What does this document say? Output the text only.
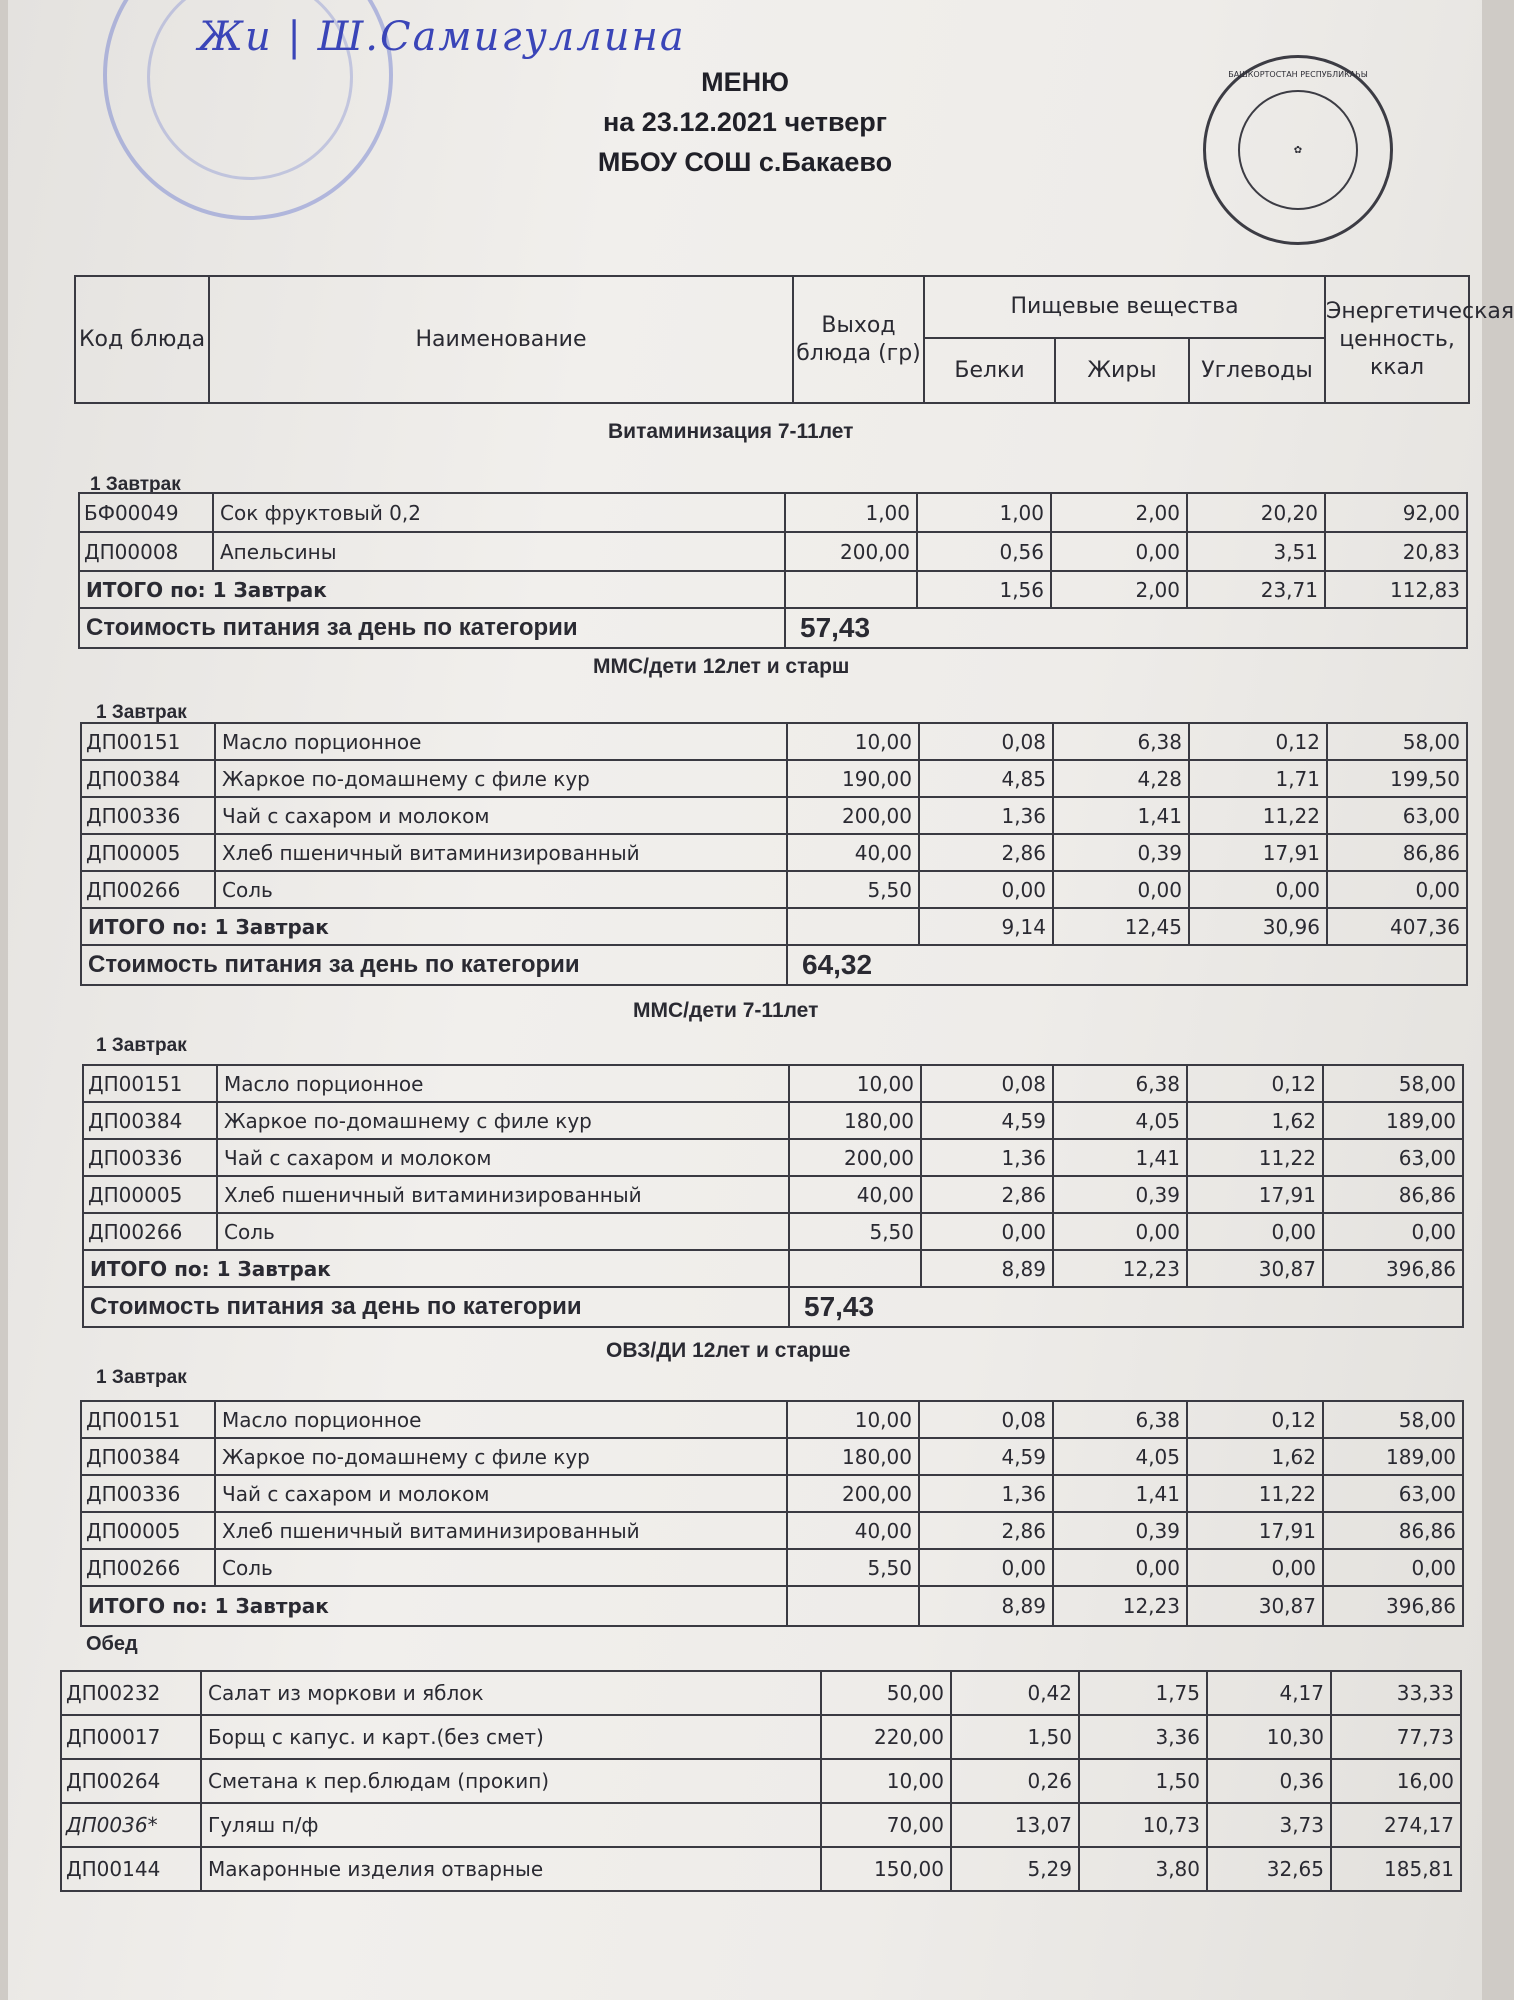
Жи | Ш.Самигуллина
БАШКОРТОСТАН РЕСПУБЛИКАҺЫ
✿
МЕНЮ
на 23.12.2021 четверг
МБОУ СОШ с.Бакаево
Код блюда	Наименование	Выход блюда (гр)	Пищевые вещества			Энергетическая ценность, ккал
			Белки	Жиры	Углеводы	
Витаминизация 7-11лет
1 Завтрак
БФ00049	Сок фруктовый 0,2	1,00	1,00	2,00	20,20	92,00
ДП00008	Апельсины	200,00	0,56	0,00	3,51	20,83
ИТОГО по: 1 Завтрак			1,56	2,00	23,71	112,83
Стоимость питания за день по категории		57,43				
ММС/дети 12лет и старш
1 Завтрак
ДП00151	Масло порционное	10,00	0,08	6,38	0,12	58,00
ДП00384	Жаркое по-домашнему с филе кур	190,00	4,85	4,28	1,71	199,50
ДП00336	Чай с сахаром и молоком	200,00	1,36	1,41	11,22	63,00
ДП00005	Хлеб пшеничный витаминизированный	40,00	2,86	0,39	17,91	86,86
ДП00266	Соль	5,50	0,00	0,00	0,00	0,00
ИТОГО по: 1 Завтрак			9,14	12,45	30,96	407,36
Стоимость питания за день по категории		64,32				
ММС/дети 7-11лет
1 Завтрак
ДП00151	Масло порционное	10,00	0,08	6,38	0,12	58,00
ДП00384	Жаркое по-домашнему с филе кур	180,00	4,59	4,05	1,62	189,00
ДП00336	Чай с сахаром и молоком	200,00	1,36	1,41	11,22	63,00
ДП00005	Хлеб пшеничный витаминизированный	40,00	2,86	0,39	17,91	86,86
ДП00266	Соль	5,50	0,00	0,00	0,00	0,00
ИТОГО по: 1 Завтрак			8,89	12,23	30,87	396,86
Стоимость питания за день по категории		57,43				
ОВЗ/ДИ 12лет и старше
1 Завтрак
ДП00151	Масло порционное	10,00	0,08	6,38	0,12	58,00
ДП00384	Жаркое по-домашнему с филе кур	180,00	4,59	4,05	1,62	189,00
ДП00336	Чай с сахаром и молоком	200,00	1,36	1,41	11,22	63,00
ДП00005	Хлеб пшеничный витаминизированный	40,00	2,86	0,39	17,91	86,86
ДП00266	Соль	5,50	0,00	0,00	0,00	0,00
ИТОГО по: 1 Завтрак			8,89	12,23	30,87	396,86
Обед
ДП00232	Салат из моркови и яблок	50,00	0,42	1,75	4,17	33,33
ДП00017	Борщ с капус. и карт.(без смет)	220,00	1,50	3,36	10,30	77,73
ДП00264	Сметана к пер.блюдам (прокип)	10,00	0,26	1,50	0,36	16,00
ДП0036*	Гуляш п/ф	70,00	13,07	10,73	3,73	274,17
ДП00144	Макаронные изделия отварные	150,00	5,29	3,80	32,65	185,81
